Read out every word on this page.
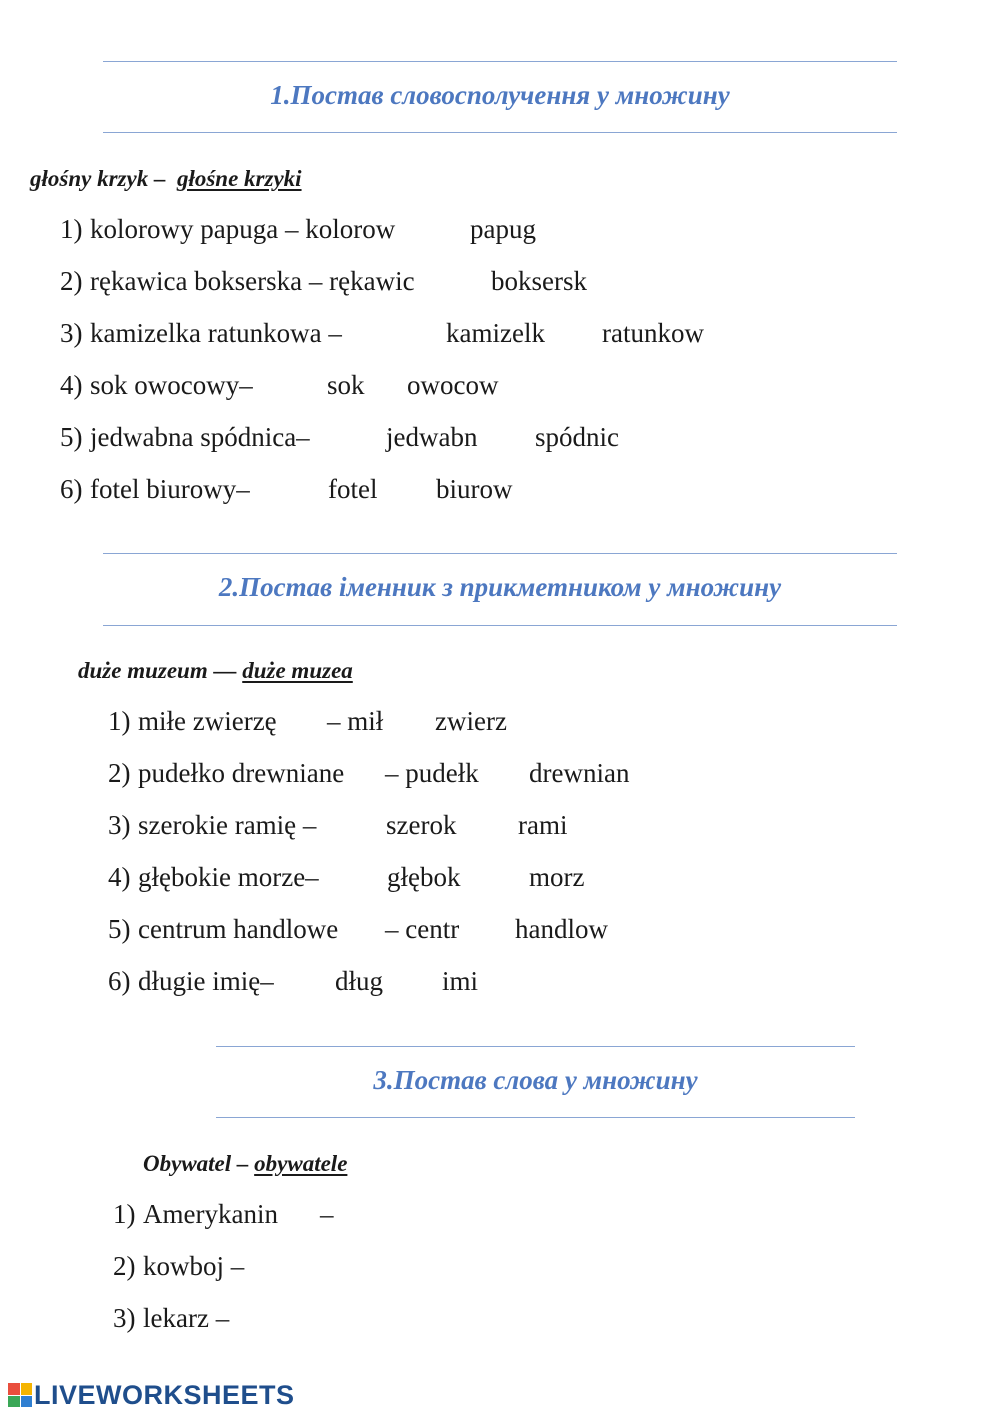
1.Постав словосполучення у множину
głośny krzyk – głośne krzyki
1) kolorowy papuga – kolorow	papug
2) rękawica bokserska – rękawic	boksersk
3) kamizelka ratunkowa –	kamizelk ratunkow
4) sok owocowy–	sok owocow
5) jedwabna spódnica–	jedwabn spódnic
6) fotel biurowy–	fotel biurow
2.Постав іменник з прикметником у множину
duże muzeum — duże muzea
1) miłe zwierzę – mił zwierz
2) pudełko drewniane – pudełk drewnian
3) szerokie ramię –	szerok rami
4) głębokie morze–	głębok	morz
5) centrum handlowe – centr handlow
6) długie imię– dług imi
3.Постав слова у множину
Obywatel – obywatele
1) Amerykanin –
2) kowboj –
3) lekarz –
LIVEWORKSHEETS
